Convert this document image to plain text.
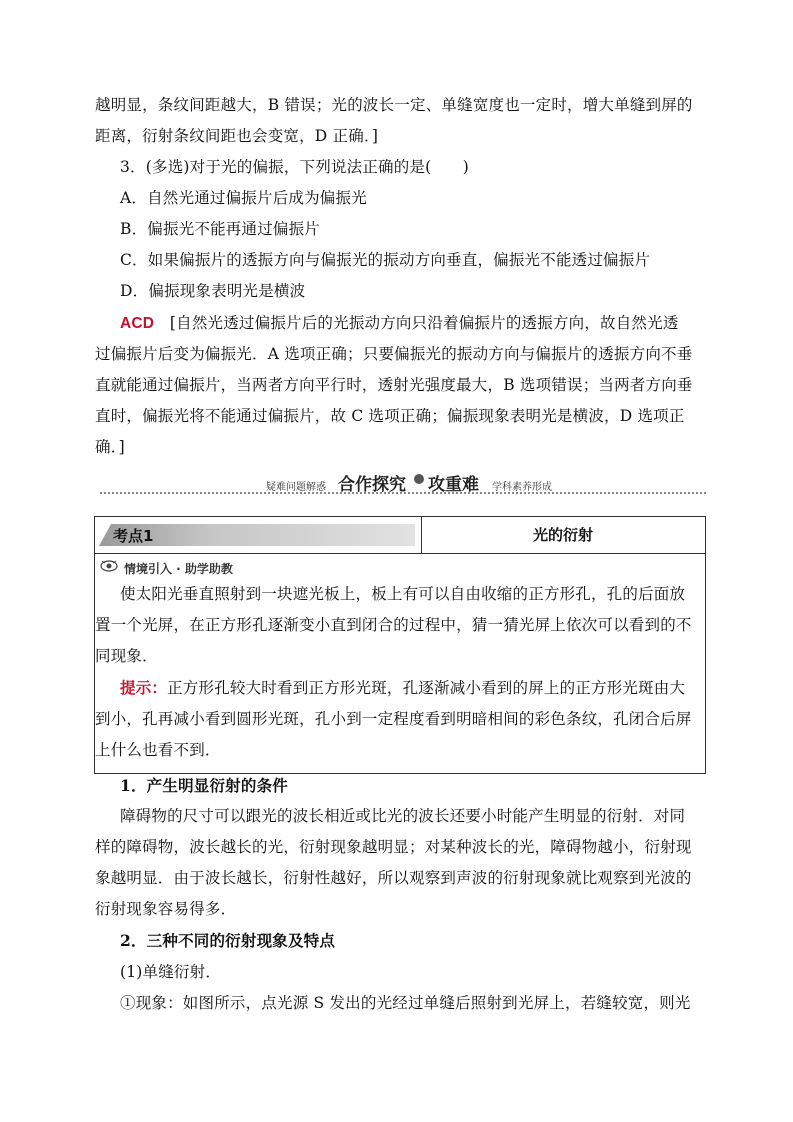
越明显，条纹间距越大，B 错误；光的波长一定、单缝宽度也一定时，增大单缝到屏的
距离，衍射条纹间距也会变宽，D 正确．]
3．(多选)对于光的偏振，下列说法正确的是(　　)
A．自然光通过偏振片后成为偏振光
B．偏振光不能再通过偏振片
C．如果偏振片的透振方向与偏振光的振动方向垂直，偏振光不能透过偏振片
D．偏振现象表明光是横波
ACD　[自然光透过偏振片后的光振动方向只沿着偏振片的透振方向，故自然光透
过偏振片后变为偏振光．A 选项正确；只要偏振光的振动方向与偏振片的透振方向不垂
直就能通过偏振片，当两者方向平行时，透射光强度最大，B 选项错误；当两者方向垂
直时，偏振光将不能通过偏振片，故 C 选项正确；偏振现象表明光是横波，D 选项正
确．]
疑难问题解惑 合作探究 攻重难 学科素养形成
考点1	光的衍射
情境引入 · 助学助教
使太阳光垂直照射到一块遮光板上，板上有可以自由收缩的正方形孔，孔的后面放
置一个光屏，在正方形孔逐渐变小直到闭合的过程中，猜一猜光屏上依次可以看到的不
同现象．
提示：正方形孔较大时看到正方形光斑，孔逐渐减小看到的屏上的正方形光斑由大
到小，孔再减小看到圆形光斑，孔小到一定程度看到明暗相间的彩色条纹，孔闭合后屏
上什么也看不到．
1．产生明显衍射的条件
障碍物的尺寸可以跟光的波长相近或比光的波长还要小时能产生明显的衍射．对同
样的障碍物，波长越长的光，衍射现象越明显；对某种波长的光，障碍物越小，衍射现
象越明显．由于波长越长，衍射性越好，所以观察到声波的衍射现象就比观察到光波的
衍射现象容易得多．
2．三种不同的衍射现象及特点
(1)单缝衍射．
①现象：如图所示，点光源 S 发出的光经过单缝后照射到光屏上，若缝较宽，则光
